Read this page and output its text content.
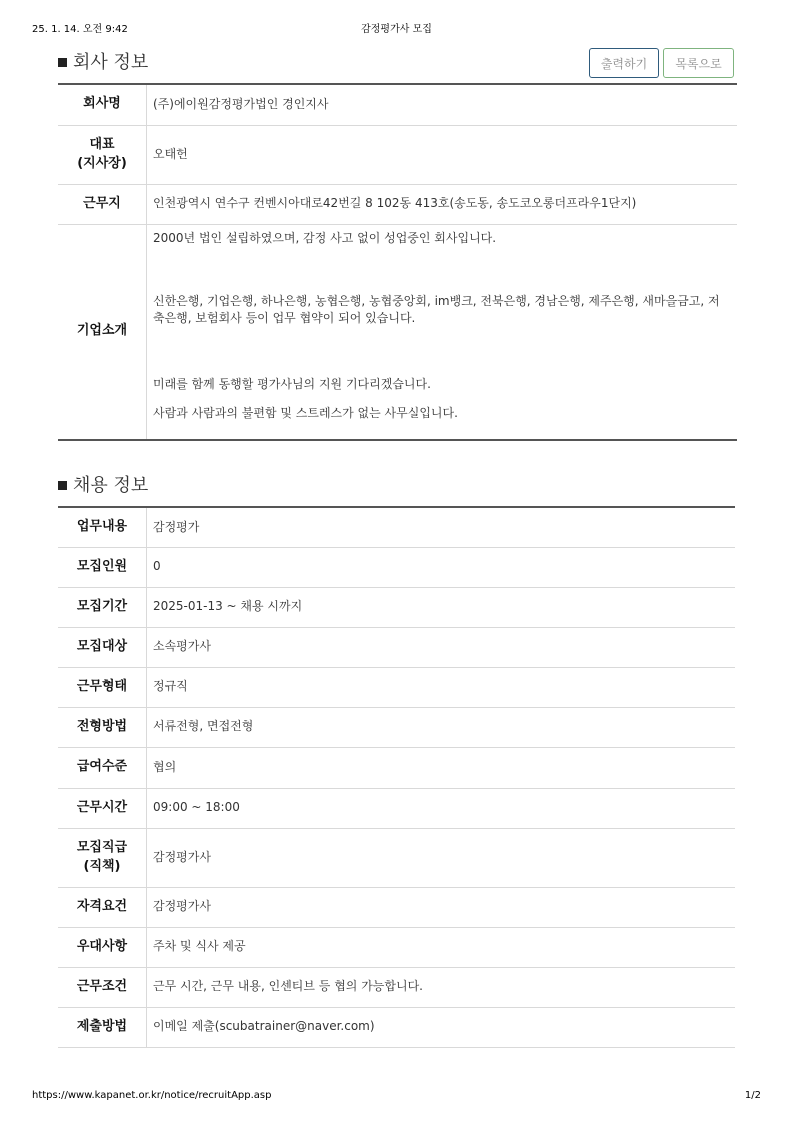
25. 1. 14. 오전 9:42	감정평가사 모집
회사 정보	출력하기	목록으로
회사명	(주)에이원감정평가법인 경인지사
대표
(지사장)	오태헌
근무지	인천광역시 연수구 컨벤시아대로42번길 8 102동 413호(송도동, 송도코오롱더프라우1단지)
기업소개	2000년 법인 설립하였으며, 감정 사고 없이 성업중인 회사입니다.

신한은행, 기업은행, 하나은행, 농협은행, 농협중앙회, im뱅크, 전북은행, 경남은행, 제주은행, 새마을금고, 저축은행, 보험회사 등이 업무 협약이 되어 있습니다.

미래를 함께 동행할 평가사님의 지원 기다리겠습니다.

사람과 사람과의 불편함 및 스트레스가 없는 사무실입니다.

채용 정보
업무내용	감정평가
모집인원	0
모집기간	2025-01-13 ~ 채용 시까지
모집대상	소속평가사
근무형태	정규직
전형방법	서류전형, 면접전형
급여수준	협의
근무시간	09:00 ~ 18:00
모집직급
(직책)	감정평가사
자격요건	감정평가사
우대사항	주차 및 식사 제공
근무조건	근무 시간, 근무 내용, 인센티브 등 협의 가능합니다.
제출방법	이메일 제출(scubatrainer@naver.com)
https://www.kapanet.or.kr/notice/recruitApp.asp	1/2
